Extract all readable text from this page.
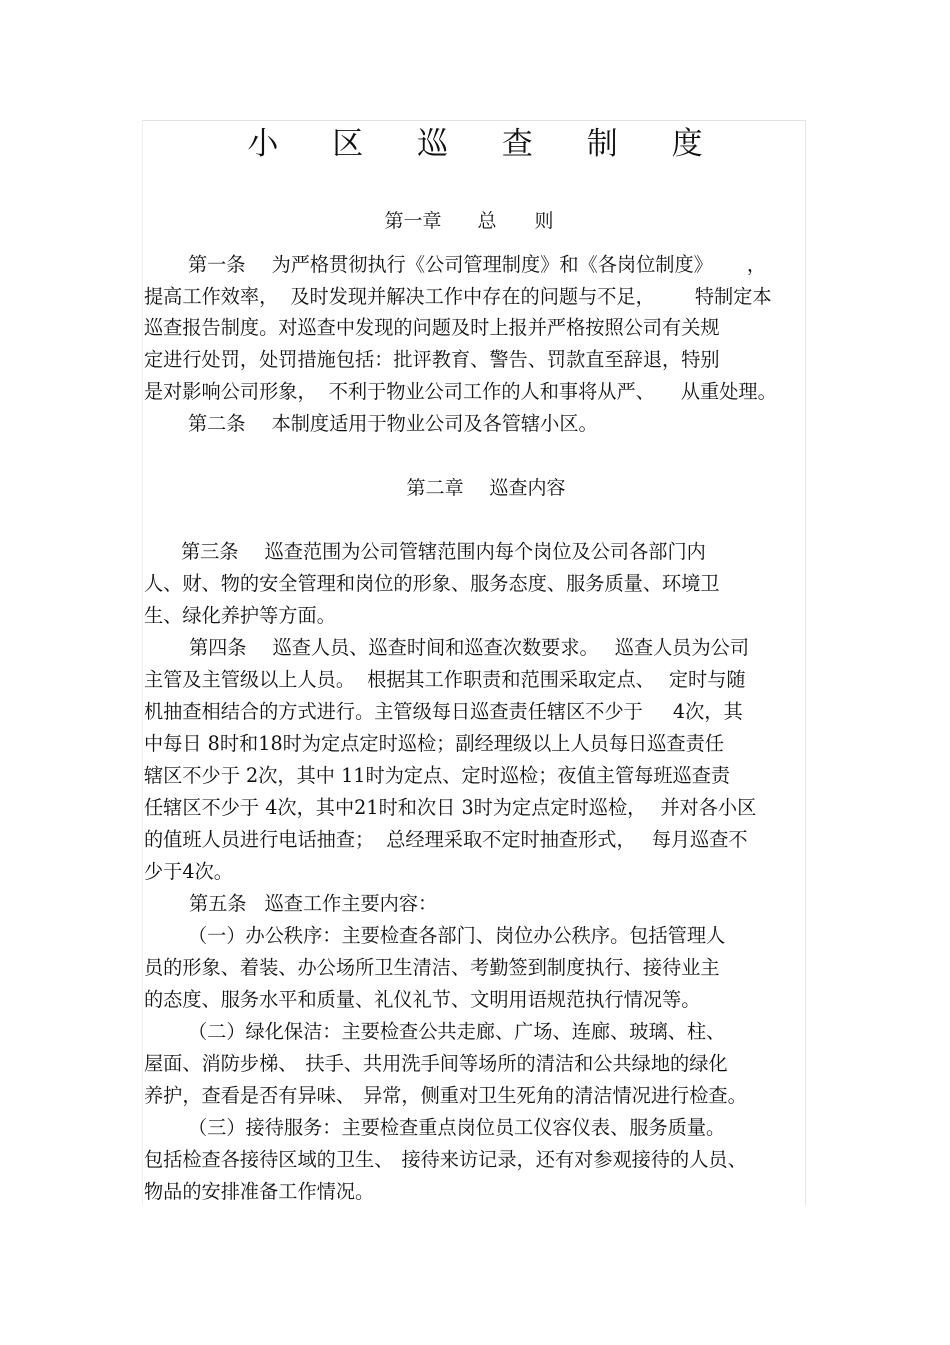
小 区 巡 查 制 度
第一章 总　　则
第一条 为严格贯彻执行《公司管理制度》和《各岗位制度》 ，
提高工作效率， 及时发现并解决工作中存在的问题与不足， 特制定本
巡查报告制度。对巡查中发现的问题及时上报并严格按照公司有关规
定进行处罚，处罚措施包括：批评教育、警告、罚款直至辞退，特别
是对影响公司形象， 不利于物业公司工作的人和事将从严、 从重处理。
第二条 本制度适用于物业公司及各管辖小区。
第二章 巡查内容
第三条 巡查范围为公司管辖范围内每个岗位及公司各部门内
人、财、物的安全管理和岗位的形象、服务态度、服务质量、环境卫
生、绿化养护等方面。
第四条 巡查人员、巡查时间和巡查次数要求。 巡查人员为公司
主管及主管级以上人员。 根据其工作职责和范围采取定点、 定时与随
机抽查相结合的方式进行。主管级每日巡查责任辖区不少于 4次，其
中每日 8时和18时为定点定时巡检；副经理级以上人员每日巡查责任
辖区不少于 2次，其中 11时为定点、定时巡检；夜值主管每班巡查责
任辖区不少于 4次，其中21时和次日 3时为定点定时巡检， 并对各小区
的值班人员进行电话抽查； 总经理采取不定时抽查形式， 每月巡查不
少于4次。
第五条 巡查工作主要内容：
（一）办公秩序：主要检查各部门、岗位办公秩序。包括管理人
员的形象、着装、办公场所卫生清洁、考勤签到制度执行、接待业主
的态度、服务水平和质量、礼仪礼节、文明用语规范执行情况等。
（二）绿化保洁：主要检查公共走廊、广场、连廊、玻璃、柱、
屋面、消防步梯、 扶手、共用洗手间等场所的清洁和公共绿地的绿化
养护，查看是否有异味、 异常，侧重对卫生死角的清洁情况进行检查。
（三）接待服务：主要检查重点岗位员工仪容仪表、服务质量。
包括检查各接待区域的卫生、 接待来访记录，还有对参观接待的人员、
物品的安排准备工作情况。
